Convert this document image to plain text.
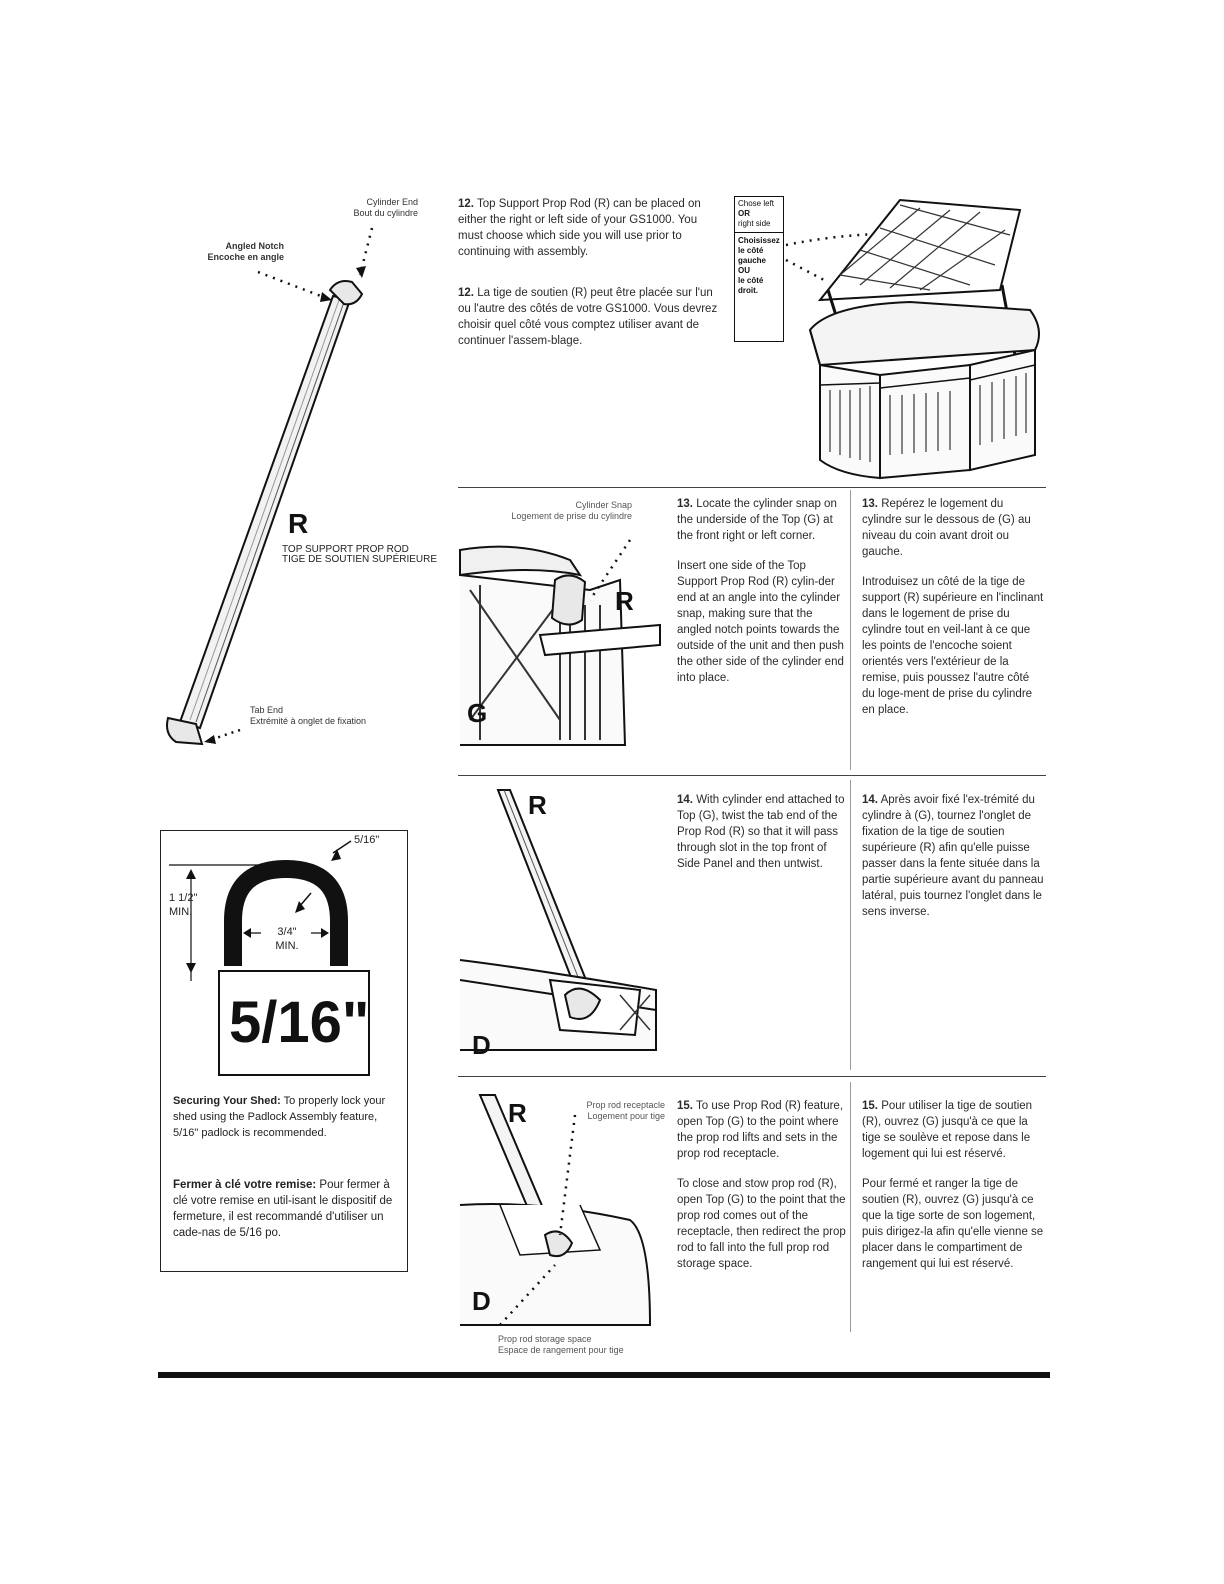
Cylinder End
Bout du cylindre
Angled Notch
Encoche en angle
R
TOP SUPPORT PROP ROD
TIGE DE SOUTIEN SUPÉRIEURE
Tab End
Extrémité à onglet de fixation
12. Top Support Prop Rod (R) can be placed on either the right or left side of your GS1000. You must choose which side you will use prior to continuing with assembly.
12. La tige de soutien (R) peut être placée sur l'un ou l'autre des côtés de votre GS1000. Vous devrez choisir quel côté vous comptez utiliser avant de continuer l'assem-blage.
Chose left
OR
right side
Choisissez
le côté
gauche
OU
le côté
droit.
Cylinder Snap
Logement de prise du cylindre
R
G
13. Locate the cylinder snap on the underside of the Top (G) at the front right or left corner.
Insert one side of the Top Support Prop Rod (R) cylin-der end at an angle into the cylinder snap, making sure that the angled notch points towards the outside of the unit and then push the other side of the cylinder end into place.
13. Repérez le logement du cylindre sur le dessous de (G) au niveau du coin avant droit ou gauche.
Introduisez un côté de la tige de support (R) supérieure en l'inclinant dans le logement de prise du cylindre tout en veil-lant à ce que les points de l'encoche soient orientés vers l'extérieur de la remise, puis poussez l'autre côté du loge-ment de prise du cylindre en place.
R
D
14. With cylinder end attached to Top (G), twist the tab end of the Prop Rod (R) so that it will pass through slot in the top front of Side Panel and then untwist.
14. Après avoir fixé l'ex-trémité du cylindre à (G), tournez l'onglet de fixation de la tige de soutien supérieure (R) afin qu'elle puisse passer dans la fente située dans la partie supérieure avant du panneau latéral, puis tournez l'onglet dans le sens inverse.
R
D
Prop rod receptacle
Logement pour tige
Prop rod storage space
Espace de rangement pour tige
15. To use Prop Rod (R) feature, open Top (G) to the point where the prop rod lifts and sets in the prop rod receptacle.
To close and stow prop rod (R), open Top (G) to the point that the prop rod comes out of the receptacle, then redirect the prop rod to fall into the full prop rod storage space.
15. Pour utiliser la tige de soutien (R), ouvrez (G) jusqu'à ce que la tige se soulève et repose dans le logement qui lui est réservé.
Pour fermé et ranger la tige de soutien (R), ouvrez (G) jusqu'à ce que la tige sorte de son logement, puis dirigez-la afin qu'elle vienne se placer dans le compartiment de rangement qui lui est réservé.
5/16"
1 1/2"
MIN.
3/4"
MIN.
5/16"
Securing Your Shed: To properly lock your shed using the Padlock Assembly feature, 5/16" padlock is recommended.
Fermer à clé votre remise: Pour fermer à clé votre remise en util-isant le dispositif de fermeture, il est recommandé d'utiliser un cade-nas de 5/16 po.
